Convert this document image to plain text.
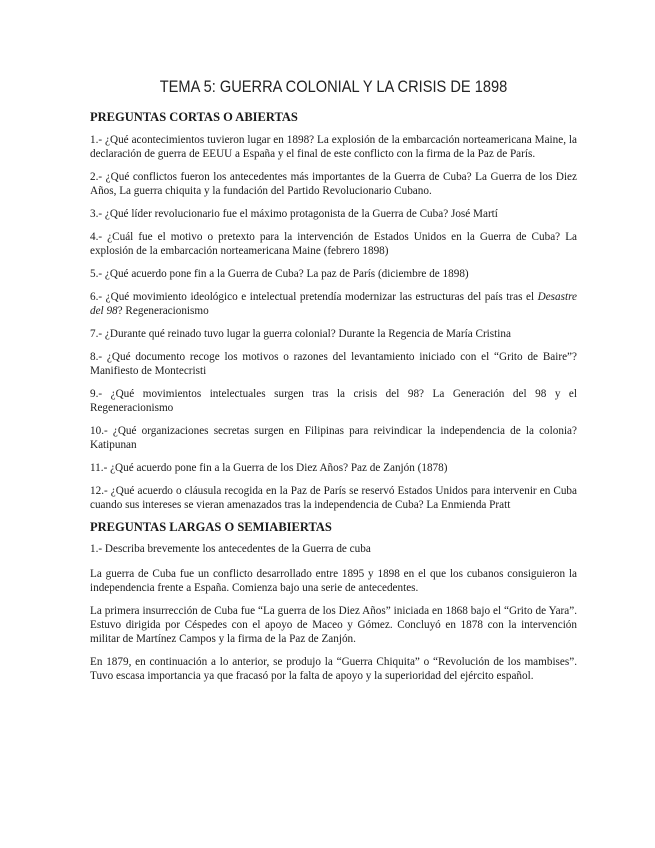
TEMA 5: GUERRA COLONIAL Y LA CRISIS DE 1898
PREGUNTAS CORTAS O ABIERTAS

1.- ¿Qué acontecimientos tuvieron lugar en 1898? La explosión de la embarcación norteamericana Maine, la declaración de guerra de EEUU a España y el final de este conflicto con la firma de la Paz de París.

2.- ¿Qué conflictos fueron los antecedentes más importantes de la Guerra de Cuba? La Guerra de los Diez Años, La guerra chiquita y la fundación del Partido Revolucionario Cubano.

3.- ¿Qué líder revolucionario fue el máximo protagonista de la Guerra de Cuba? José Martí

4.- ¿Cuál fue el motivo o pretexto para la intervención de Estados Unidos en la Guerra de Cuba? La explosión de la embarcación norteamericana Maine (febrero 1898)

5.- ¿Qué acuerdo pone fin a la Guerra de Cuba? La paz de París (diciembre de 1898)

6.- ¿Qué movimiento ideológico e intelectual pretendía modernizar las estructuras del país tras el Desastre del 98? Regeneracionismo

7.- ¿Durante qué reinado tuvo lugar la guerra colonial? Durante la Regencia de María Cristina

8.- ¿Qué documento recoge los motivos o razones del levantamiento iniciado con el “Grito de Baire”? Manifiesto de Montecristi

9.- ¿Qué movimientos intelectuales surgen tras la crisis del 98? La Generación del 98 y el Regeneracionismo

10.- ¿Qué organizaciones secretas surgen en Filipinas para reivindicar la independencia de la colonia? Katipunan

11.- ¿Qué acuerdo pone fin a la Guerra de los Diez Años? Paz de Zanjón (1878)

12.- ¿Qué acuerdo o cláusula recogida en la Paz de París se reservó Estados Unidos para intervenir en Cuba cuando sus intereses se vieran amenazados tras la independencia de Cuba? La Enmienda Pratt

PREGUNTAS LARGAS O SEMIABIERTAS

1.- Describa brevemente los antecedentes de la Guerra de cuba

La guerra de Cuba fue un conflicto desarrollado entre 1895 y 1898 en el que los cubanos consiguieron la independencia frente a España. Comienza bajo una serie de antecedentes.

La primera insurrección de Cuba fue “La guerra de los Diez Años” iniciada en 1868 bajo el “Grito de Yara”. Estuvo dirigida por Céspedes con el apoyo de Maceo y Gómez. Concluyó en 1878 con la intervención militar de Martínez Campos y la firma de la Paz de Zanjón.

En 1879, en continuación a lo anterior, se produjo la “Guerra Chiquita” o “Revolución de los mambises”. Tuvo escasa importancia ya que fracasó por la falta de apoyo y la superioridad del ejército español.
